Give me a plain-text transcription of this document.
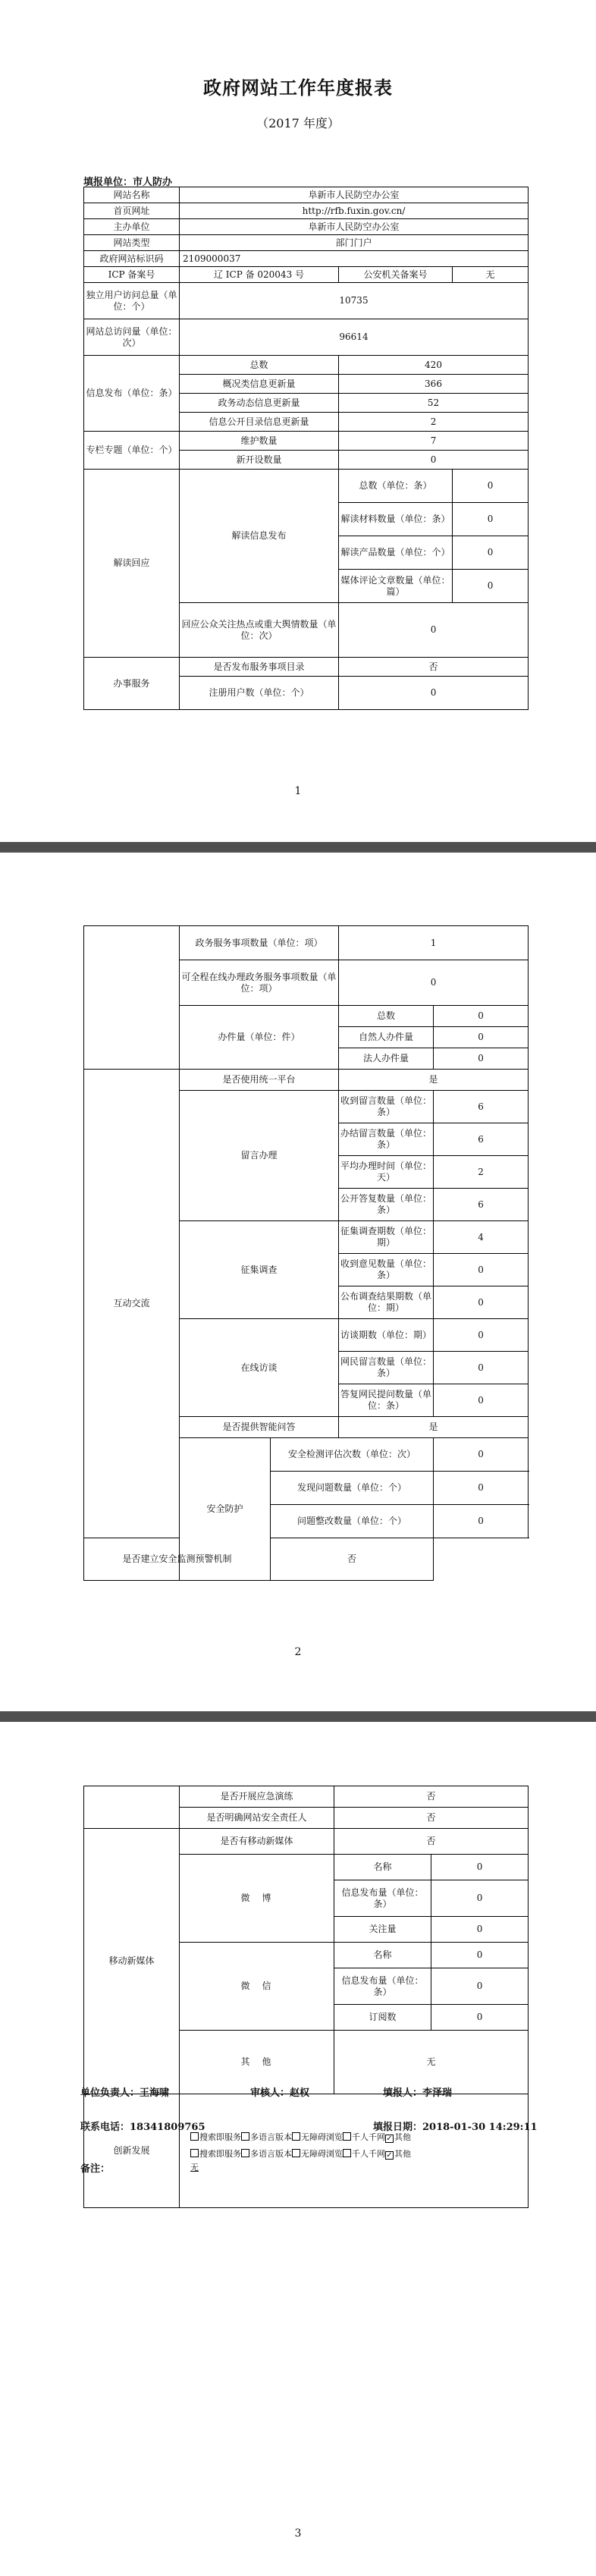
政府网站工作年度报表
（2017 年度）
填报单位：市人防办
网站名称	阜新市人民防空办公室		
首页网址	http://rfb.fuxin.gov.cn/		
主办单位	阜新市人民防空办公室		
网站类型	部门门户		
政府网站标识码	2109000037		
ICP 备案号	辽 ICP 备 020043 号	公安机关备案号	无
独立用户访问总量（单位：个）	10735		
网站总访问量（单位：次）	96614		
信息发布（单位：条）	总数	420	
	概况类信息更新量	366	
	政务动态信息更新量	52	
	信息公开目录信息更新量	2	
专栏专题（单位：个）	维护数量	7	
	新开设数量	0	
解读回应	解读信息发布	总数（单位：条）	0
		解读材料数量（单位：条）	0
		解读产品数量（单位：个）	0
		媒体评论文章数量（单位：篇）	0
	回应公众关注热点或重大舆情数量（单位：次）	0	
办事服务	是否发布服务事项目录	否	
	注册用户数（单位：个）	0	
1
	政务服务事项数量（单位：项）		1	
	可全程在线办理政务服务事项数量（单位：项）		0	
	办件量（单位：件）		总数	0
			自然人办件量	0
			法人办件量	0
互动交流	是否使用统一平台		是	
	留言办理		收到留言数量（单位：条）	6
			办结留言数量（单位：条）	6
			平均办理时间（单位：天）	2
			公开答复数量（单位：条）	6
	征集调查		征集调查期数（单位：期）	4
			收到意见数量（单位：条）	0
			公布调查结果期数（单位：期）	0
	在线访谈		访谈期数（单位：期）	0
			网民留言数量（单位：条）	0
			答复网民提问数量（单位：条）	0
	是否提供智能问答		是	
	安全防护	安全检测评估次数（单位：次）		0
		发现问题数量（单位：个）		0
		问题整改数量（单位：个）		0
是否建立安全监测预警机制		否		
2
	是否开展应急演练	否	
	是否明确网站安全责任人	否	
移动新媒体	是否有移动新媒体	否	
	微　博	名称	0
		信息发布量（单位：条）	0
		关注量	0
	微　信	名称	0
		信息发布量（单位：条）	0
		订阅数	0
	其　他	无	
创新发展	搜索即服务 多语言版本 无障碍浏览 千人千网✓ 其他
搜索即服务 多语言版本 无障碍浏览 千人千网✓ 其他
无		
单位负责人：王海啸	审核人：赵权	填报人：李泽瑞
联系电话：18341809765	填报日期：2018-01-30 14:29:11
备注：
3
